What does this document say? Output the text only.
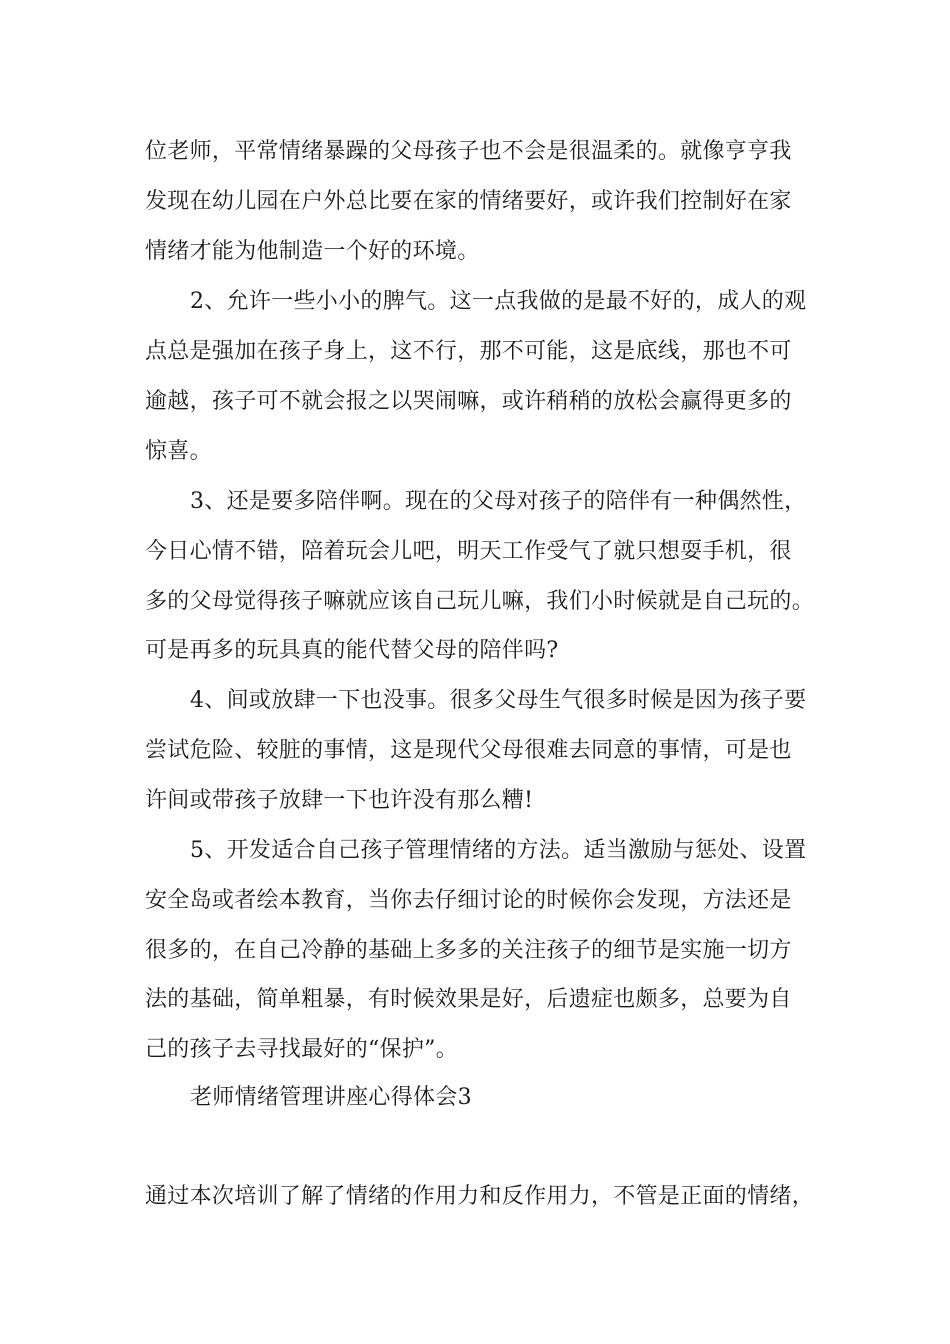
位老师，平常情绪暴躁的父母孩子也不会是很温柔的。就像亨亨我
发现在幼儿园在户外总比要在家的情绪要好，或许我们控制好在家
情绪才能为他制造一个好的环境。
2、允许一些小小的脾气。这一点我做的是最不好的，成人的观
点总是强加在孩子身上，这不行，那不可能，这是底线，那也不可
逾越，孩子可不就会报之以哭闹嘛，或许稍稍的放松会赢得更多的
惊喜。
3、还是要多陪伴啊。现在的父母对孩子的陪伴有一种偶然性，
今日心情不错，陪着玩会儿吧，明天工作受气了就只想耍手机，很
多的父母觉得孩子嘛就应该自己玩儿嘛，我们小时候就是自己玩的。
可是再多的玩具真的能代替父母的陪伴吗?
4、间或放肆一下也没事。很多父母生气很多时候是因为孩子要
尝试危险、较脏的事情，这是现代父母很难去同意的事情，可是也
许间或带孩子放肆一下也许没有那么糟!
5、开发适合自己孩子管理情绪的方法。适当激励与惩处、设置
安全岛或者绘本教育，当你去仔细讨论的时候你会发现，方法还是
很多的，在自己冷静的基础上多多的关注孩子的细节是实施一切方
法的基础，简单粗暴，有时候效果是好，后遗症也颇多，总要为自
己的孩子去寻找最好的“保护”。
老师情绪管理讲座心得体会3
通过本次培训了解了情绪的作用力和反作用力，不管是正面的情绪，
